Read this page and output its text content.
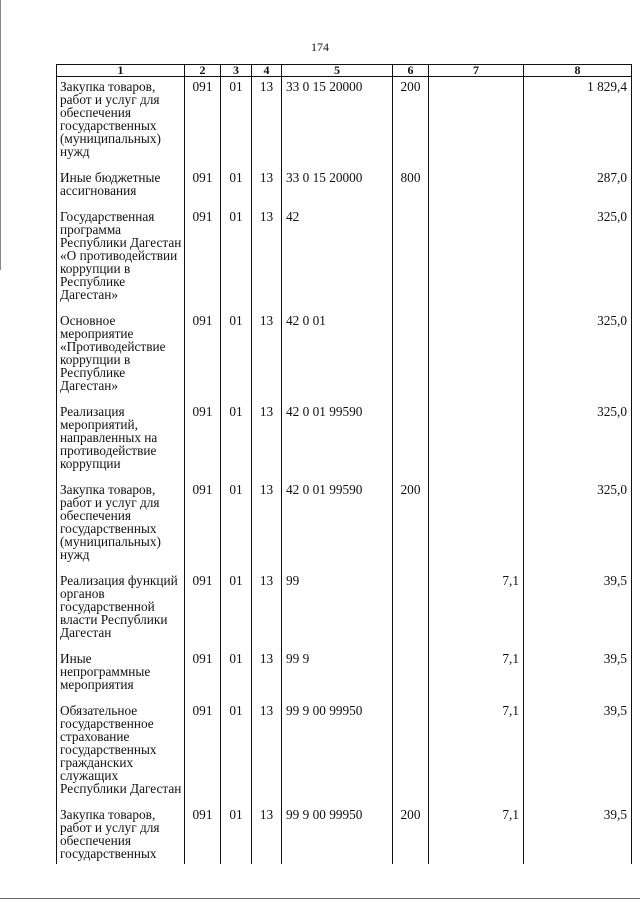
174
1	2	3	4	5	6	7	8
Закупка товаров, работ и услуг для обеспечения государственных (муниципальных) нужд	091	01	13	33 0 15 20000	200		1 829,4
Иные бюджетные ассигнования	091	01	13	33 0 15 20000	800		287,0
Государственная программа Республики Дагестан «О противодействии коррупции в Республике Дагестан»	091	01	13	42			325,0
Основное мероприятие «Противодействие коррупции в Республике Дагестан»	091	01	13	42 0 01			325,0
Реализация мероприятий, направленных на противодействие коррупции	091	01	13	42 0 01 99590			325,0
Закупка товаров, работ и услуг для обеспечения государственных (муниципальных) нужд	091	01	13	42 0 01 99590	200		325,0
Реализация функций органов государственной власти Республики Дагестан	091	01	13	99		7,1	39,5
Иные непрограммные мероприятия	091	01	13	99 9		7,1	39,5
Обязательное государственное страхование государственных гражданских служащих Республики Дагестан	091	01	13	99 9 00 99950		7,1	39,5
Закупка товаров, работ и услуг для обеспечения государственных	091	01	13	99 9 00 99950	200	7,1	39,5
